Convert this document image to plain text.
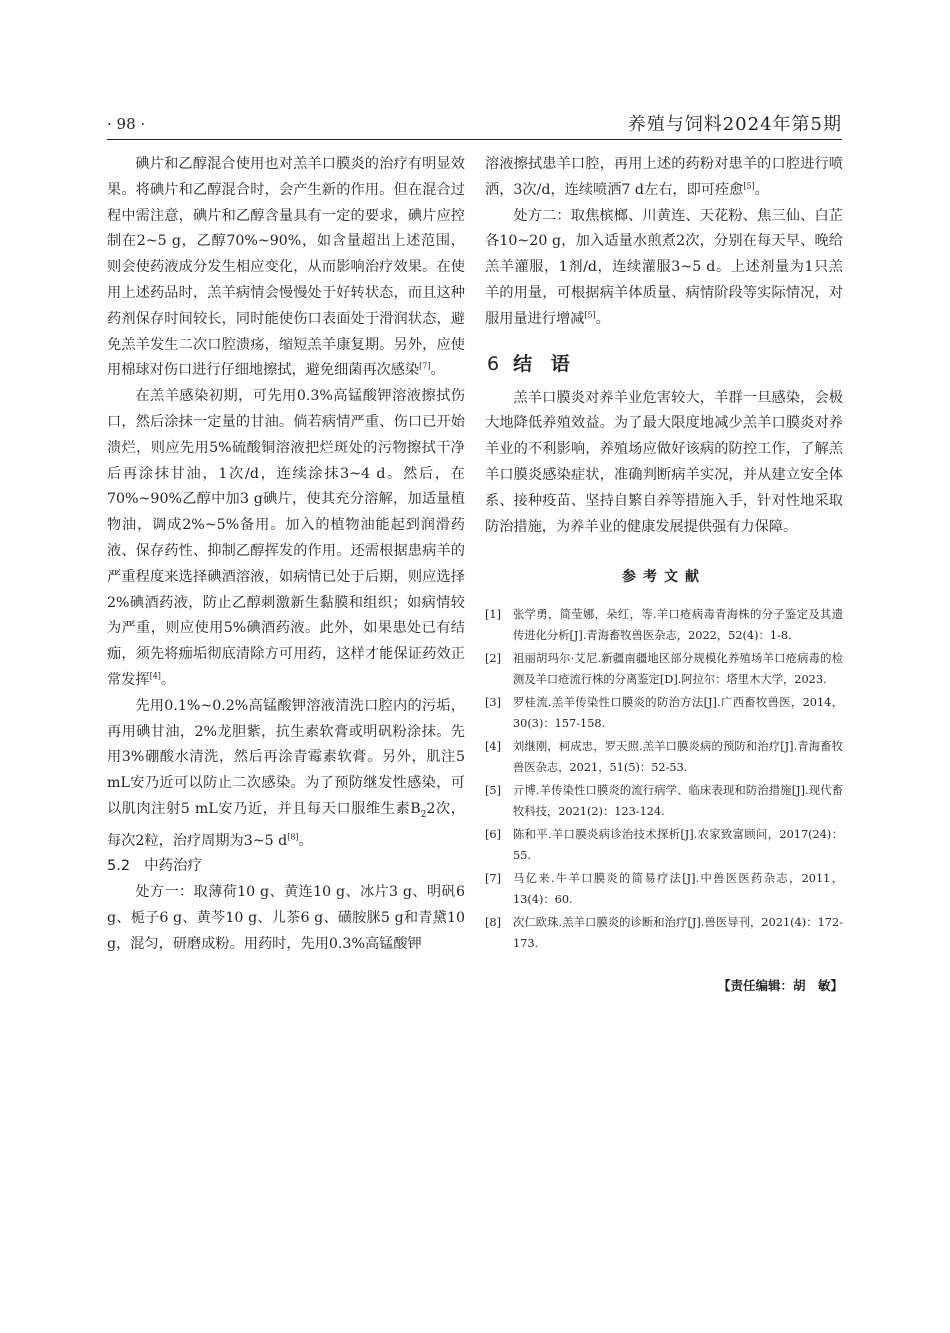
· 98 ·	养殖与饲料2024年第5期

碘片和乙醇混合使用也对羔羊口膜炎的治疗有明显效果。将碘片和乙醇混合时，会产生新的作用。但在混合过程中需注意，碘片和乙醇含量具有一定的要求，碘片应控制在2~5 g，乙醇70%~90%，如含量超出上述范围，则会使药液成分发生相应变化，从而影响治疗效果。在使用上述药品时，羔羊病情会慢慢处于好转状态，而且这种药剂保存时间较长，同时能使伤口表面处于滑润状态，避免羔羊发生二次口腔溃疡，缩短羔羊康复期。另外，应使用棉球对伤口进行仔细地擦拭，避免细菌再次感染[7]。

在羔羊感染初期，可先用0.3%高锰酸钾溶液擦拭伤口，然后涂抹一定量的甘油。倘若病情严重、伤口已开始溃烂，则应先用5%硫酸铜溶液把烂斑处的污物擦拭干净后再涂抹甘油，1次/d，连续涂抹3~4 d。然后，在70%~90%乙醇中加3 g碘片，使其充分溶解，加适量植物油，调成2%~5%备用。加入的植物油能起到润滑药液、保存药性、抑制乙醇挥发的作用。还需根据患病羊的严重程度来选择碘酒溶液，如病情已处于后期，则应选择2%碘酒药液，防止乙醇刺激新生黏膜和组织；如病情较为严重，则应使用5%碘酒药液。此外，如果患处已有结痂，须先将痂垢彻底清除方可用药，这样才能保证药效正常发挥[4]。

先用0.1%~0.2%高锰酸钾溶液清洗口腔内的污垢，再用碘甘油，2%龙胆紫，抗生素软膏或明矾粉涂抹。先用3%硼酸水清洗，然后再涂青霉素软膏。另外，肌注5 mL安乃近可以防止二次感染。为了预防继发性感染，可以肌肉注射5 mL安乃近，并且每天口服维生素$B_22$次，每次2粒，治疗周期为3~5 d[8]。

5.2 中药治疗

处方一：取薄荷10 g、黄连10 g、冰片3 g、明矾6 g、栀子6 g、黄芩10 g、儿茶6 g、磺胺脒5 g和青黛10 g，混匀，研磨成粉。用药时，先用0.3%高锰酸钾

溶液擦拭患羊口腔，再用上述的药粉对患羊的口腔进行喷洒，3次/d，连续喷洒7 d左右，即可痊愈[5]。

处方二：取焦槟榔、川黄连、天花粉、焦三仙、白芷各10~20 g，加入适量水煎煮2次，分别在每天早、晚给羔羊灌服，1剂/d，连续灌服3~5 d。上述剂量为1只羔羊的用量，可根据病羊体质量、病情阶段等实际情况，对服用量进行增减[5]。

6 结 语

羔羊口膜炎对养羊业危害较大，羊群一旦感染，会极大地降低养殖效益。为了最大限度地减少羔羊口膜炎对养羊业的不利影响，养殖场应做好该病的防控工作，了解羔羊口膜炎感染症状，准确判断病羊实况，并从建立安全体系、接种疫苗、坚持自繁自养等措施入手，针对性地采取防治措施，为养羊业的健康发展提供强有力保障。

参考文献
[1]	张学勇，简莹娜，朵红，等.羊口疮病毒青海株的分子鉴定及其遗传进化分析[J].青海畜牧兽医杂志，2022，52(4)：1-8.
[2]	祖丽胡玛尔·艾尼.新疆南疆地区部分规模化养殖场羊口疮病毒的检测及羊口疮流行株的分离鉴定[D].阿拉尔：塔里木大学，2023.
[3]	罗桂流.羔羊传染性口膜炎的防治方法[J].广西畜牧兽医，2014，30(3)：157-158.
[4]	刘继刚，柯成忠，罗天照.羔羊口膜炎病的预防和治疗[J].青海畜牧兽医杂志，2021，51(5)：52-53.
[5]	亓博.羊传染性口膜炎的流行病学、临床表现和防治措施[J].现代畜牧科技，2021(2)：123-124.
[6]	陈和平.羊口膜炎病诊治技术探析[J].农家致富顾问，2017(24)：55.
[7]	马亿来.牛羊口膜炎的简易疗法[J].中兽医医药杂志，2011，13(4)：60.
[8]	次仁欧珠.羔羊口膜炎的诊断和治疗[J].兽医导刊，2021(4)：172-173.
【责任编辑：胡　敏】
